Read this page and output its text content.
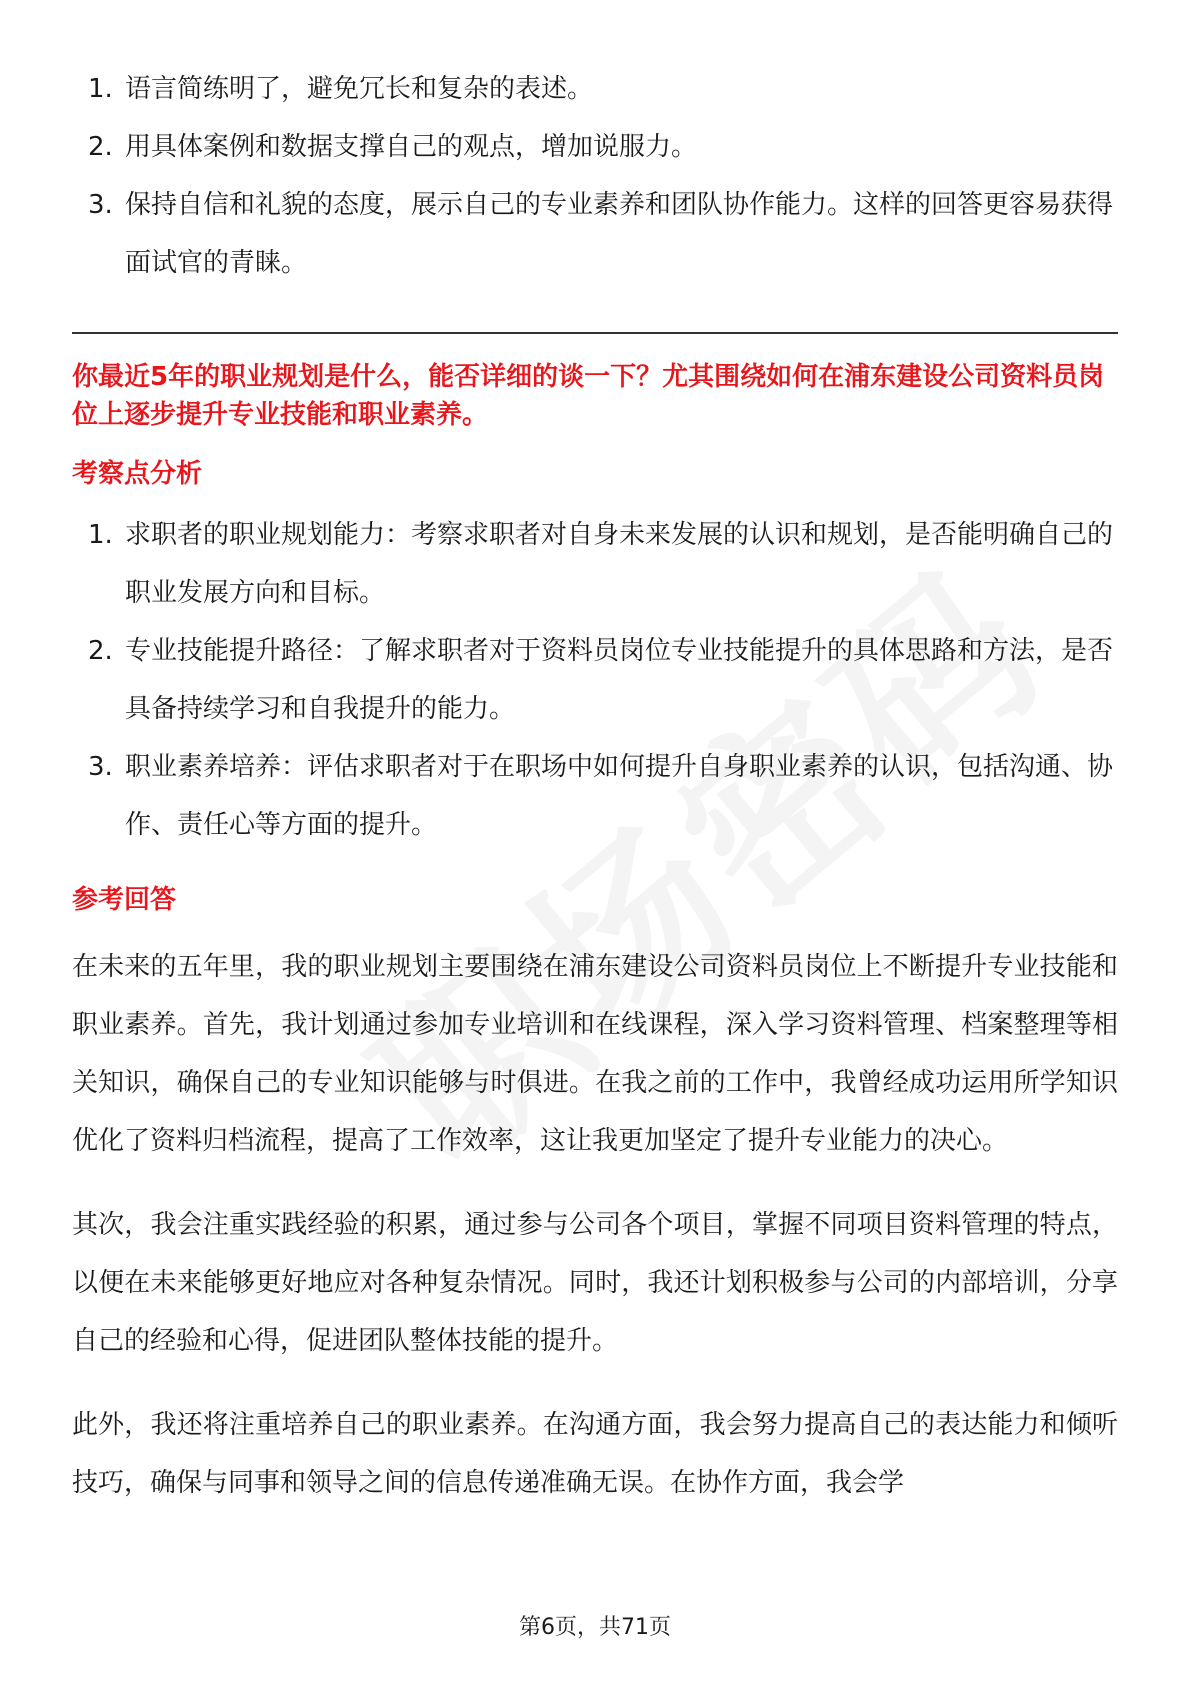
1. 语言简练明了，避免冗长和复杂的表述。
2. 用具体案例和数据支撑自己的观点，增加说服力。
3. 保持自信和礼貌的态度，展示自己的专业素养和团队协作能力。这样的回答更容易获得面试官的青睐。

你最近5年的职业规划是什么，能否详细的谈一下？尤其围绕如何在浦东建设公司资料员岗位上逐步提升专业技能和职业素养。

考察点分析
1. 求职者的职业规划能力：考察求职者对自身未来发展的认识和规划，是否能明确自己的职业发展方向和目标。
2. 专业技能提升路径：了解求职者对于资料员岗位专业技能提升的具体思路和方法，是否具备持续学习和自我提升的能力。
3. 职业素养培养：评估求职者对于在职场中如何提升自身职业素养的认识，包括沟通、协作、责任心等方面的提升。
参考回答

在未来的五年里，我的职业规划主要围绕在浦东建设公司资料员岗位上不断提升专业技能和职业素养。首先，我计划通过参加专业培训和在线课程，深入学习资料管理、档案整理等相关知识，确保自己的专业知识能够与时俱进。在我之前的工作中，我曾经成功运用所学知识优化了资料归档流程，提高了工作效率，这让我更加坚定了提升专业能力的决心。

其次，我会注重实践经验的积累，通过参与公司各个项目，掌握不同项目资料管理的特点，以便在未来能够更好地应对各种复杂情况。同时，我还计划积极参与公司的内部培训，分享自己的经验和心得，促进团队整体技能的提升。

此外，我还将注重培养自己的职业素养。在沟通方面，我会努力提高自己的表达能力和倾听技巧，确保与同事和领导之间的信息传递准确无误。在协作方面，我会学

第6页，共71页
